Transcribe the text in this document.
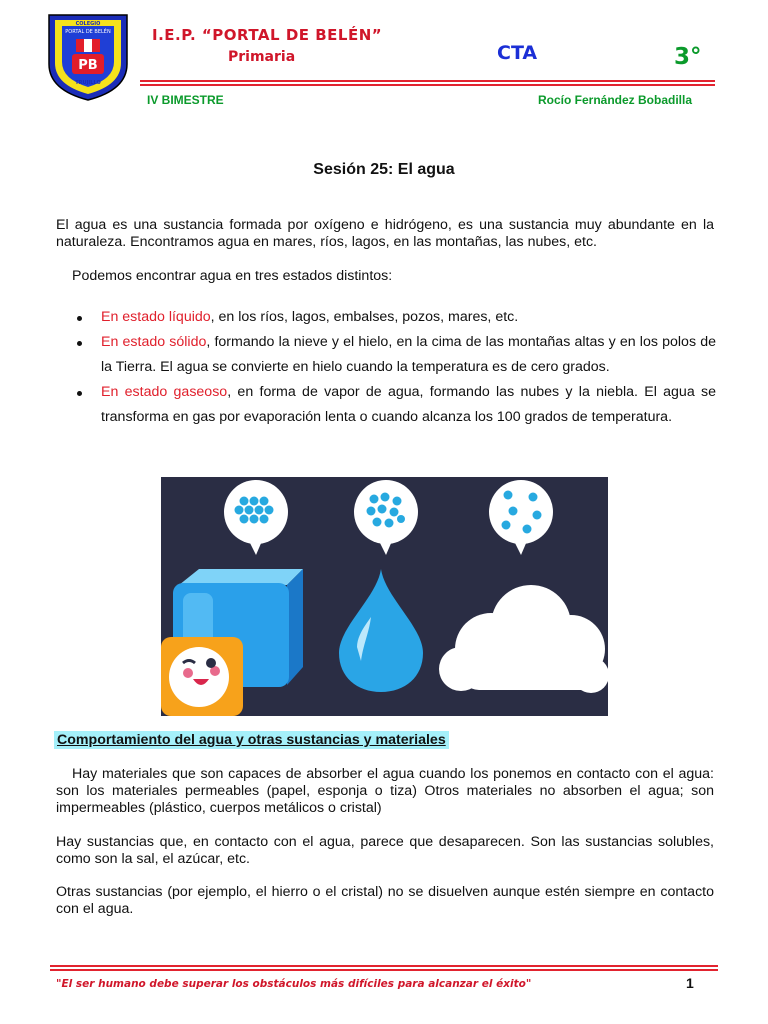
COLEGIO
PORTAL DE BELÉN
PB
TRUJILLO
I.E.P. “PORTAL DE BELÉN”
Primaria	CTA	3°
IV BIMESTRE	Rocío Fernández Bobadilla
Sesión 25: El agua
El agua es una sustancia formada por oxígeno e hidrógeno, es una sustancia muy abundante en la naturaleza. Encontramos agua en mares, ríos, lagos, en las montañas, las nubes, etc.
Podemos encontrar agua en tres estados distintos:
En estado líquido, en los ríos, lagos, embalses, pozos, mares, etc.
En estado sólido, formando la nieve y el hielo, en la cima de las montañas altas y en los polos de la Tierra. El agua se convierte en hielo cuando la temperatura es de cero grados.
En estado gaseoso, en forma de vapor de agua, formando las nubes y la niebla. El agua se transforma en gas por evaporación lenta o cuando alcanza los 100 grados de temperatura.
Comportamiento del agua y otras sustancias y materiales
Hay materiales que son capaces de absorber el agua cuando los ponemos en contacto con el agua: son los materiales permeables (papel, esponja o tiza) Otros materiales no absorben el agua; son impermeables (plástico, cuerpos metálicos o cristal)
Hay sustancias que, en contacto con el agua, parece que desaparecen. Son las sustancias solubles, como son la sal, el azúcar, etc.
Otras sustancias (por ejemplo, el hierro o el cristal) no se disuelven aunque estén siempre en contacto con el agua.
"El ser humano debe superar los obstáculos más difíciles para alcanzar el éxito"	1
